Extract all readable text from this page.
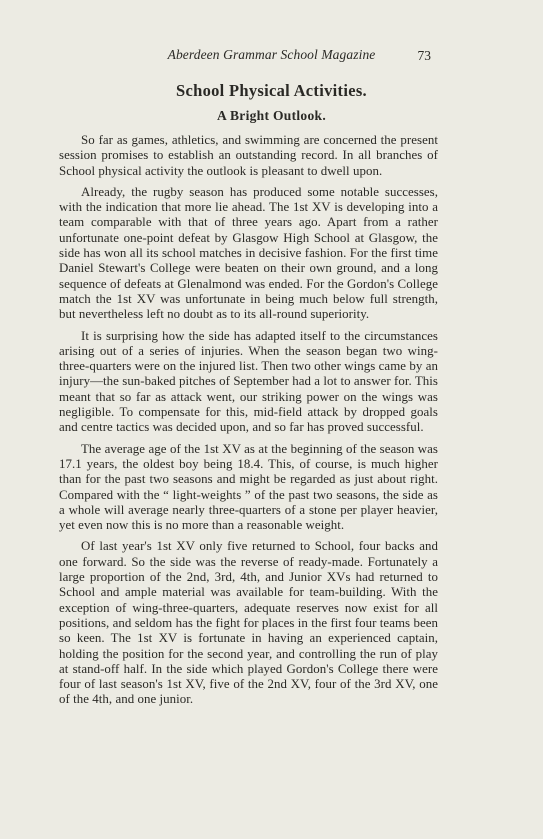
Aberdeen Grammar School Magazine	73
School Physical Activities.
A Bright Outlook.

So far as games, athletics, and swimming are concerned the present session promises to establish an outstanding record. In all branches of School physical activity the outlook is pleasant to dwell upon.

Already, the rugby season has produced some notable successes, with the indication that more lie ahead. The 1st XV is developing into a team comparable with that of three years ago. Apart from a rather unfortunate one-point defeat by Glasgow High School at Glasgow, the side has won all its school matches in decisive fashion. For the first time Daniel Stewart's College were beaten on their own ground, and a long sequence of defeats at Glenalmond was ended. For the Gordon's College match the 1st XV was unfortunate in being much below full strength, but nevertheless left no doubt as to its all-round superiority.

It is surprising how the side has adapted itself to the circumstances arising out of a series of injuries. When the season began two wing-three-quarters were on the injured list. Then two other wings came by an injury—the sun-baked pitches of September had a lot to answer for. This meant that so far as attack went, our striking power on the wings was negligible. To compensate for this, mid-field attack by dropped goals and centre tactics was decided upon, and so far has proved successful.

The average age of the 1st XV as at the beginning of the season was 17.1 years, the oldest boy being 18.4. This, of course, is much higher than for the past two seasons and might be regarded as just about right. Compared with the “ light-weights ” of the past two seasons, the side as a whole will average nearly three-quarters of a stone per player heavier, yet even now this is no more than a reasonable weight.

Of last year's 1st XV only five returned to School, four backs and one forward. So the side was the reverse of ready-made. Fortunately a large proportion of the 2nd, 3rd, 4th, and Junior XVs had returned to School and ample material was available for team-building. With the exception of wing-three-quarters, adequate reserves now exist for all positions, and seldom has the fight for places in the first four teams been so keen. The 1st XV is fortunate in having an experienced captain, holding the position for the second year, and controlling the run of play at stand-off half. In the side which played Gordon's College there were four of last season's 1st XV, five of the 2nd XV, four of the 3rd XV, one of the 4th, and one junior.
